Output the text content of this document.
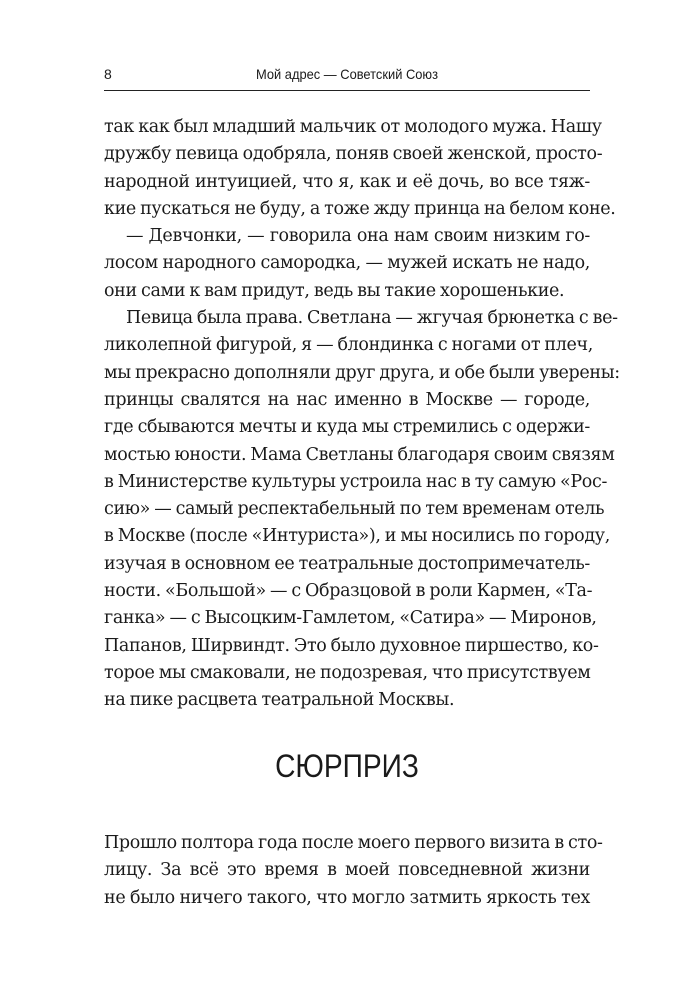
8	Мой адрес — Советский Союз
так как был младший мальчик от молодого мужа. Нашу
дружбу певица одобряла, поняв своей женской, просто-
народной интуицией, что я, как и её дочь, во все тяж-
кие пускаться не буду, а тоже жду принца на белом коне.
— Девчонки, — говорила она нам своим низким го-
лосом народного самородка, — мужей искать не надо,
они сами к вам придут, ведь вы такие хорошенькие.
Певица была права. Светлана — жгучая брюнетка с ве-
ликолепной фигурой, я — блондинка с ногами от плеч,
мы прекрасно дополняли друг друга, и обе были уверены:
принцы свалятся на нас именно в Москве — городе,
где сбываются мечты и куда мы стремились с одержи-
мостью юности. Мама Светланы благодаря своим связям
в Министерстве культуры устроила нас в ту самую «Рос-
сию» — самый респектабельный по тем временам отель
в Москве (после «Интуриста»), и мы носились по городу,
изучая в основном ее театральные достопримечатель-
ности. «Большой» — с Образцовой в роли Кармен, «Та-
ганка» — с Высоцким-Гамлетом, «Сатира» — Миронов,
Папанов, Ширвиндт. Это было духовное пиршество, ко-
торое мы смаковали, не подозревая, что присутствуем
на пике расцвета театральной Москвы.
СЮРПРИЗ
Прошло полтора года после моего первого визита в сто-
лицу. За всё это время в моей повседневной жизни
не было ничего такого, что могло затмить яркость тех
